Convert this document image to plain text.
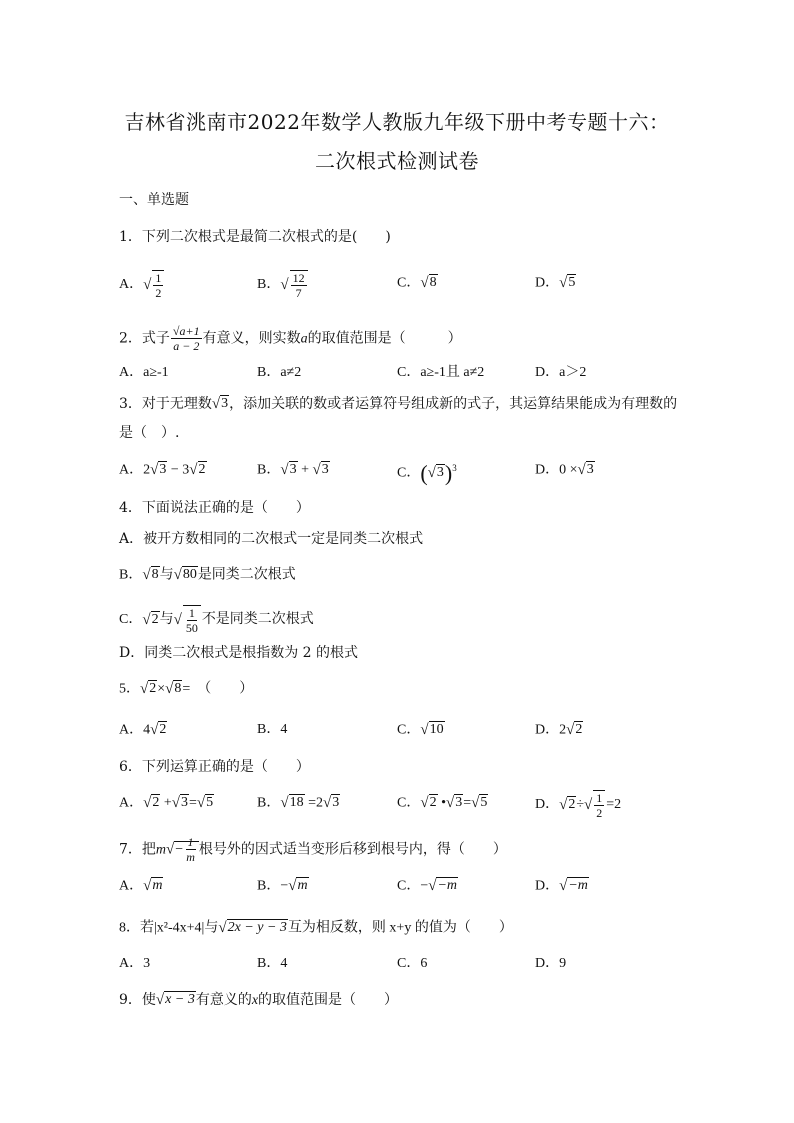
吉林省洮南市2022年数学人教版九年级下册中考专题十六：
二次根式检测试卷
一、单选题
1．下列二次根式是最简二次根式的是(　　)
A．√ $\frac{1}{2}$	B．√ $\frac{12}{7}$	C．√8	D．√5
2．式子 $\frac{√a+1}{a - 2}$ 有意义，则实数a的取值范围是（　　　）
A．a≥-1	B．a≠2	C．a≥-1且 a≠2	D．a＞2
3．对于无理数√3，添加关联的数或者运算符号组成新的式子，其运算结果能成为有理数的
是（　）.
A．2√3 − 3√2	B．√3 + √3	C．$(√3)^3$	D．0 ×√3
4．下面说法正确的是（　　）
A．被开方数相同的二次根式一定是同类二次根式
B．√8与√80是同类二次根式
C．√2与√ $\frac{1}{50}$ 不是同类二次根式
D．同类二次根式是根指数为 2 的根式
5．√2×√8=　（　　）
A．4√2	B．4	C．√10	D．2√2
6．下列运算正确的是（　　）
A．√2 +√3=√5	B．√18 =2√3	C．√2 •√3=√5	D．$√2\div√ \frac{1}{2} =2$
7．把$m√- \frac{1}{m}$ 根号外的因式适当变形后移到根号内，得（　　）
A．√m	B．−√m	C．−√−m	D．√−m
8．若|x²-4x+4|与√2x − y − 3互为相反数，则 x+y 的值为（　　）
A．3	B．4	C．6	D．9
9．使√x − 3有意义的x的取值范围是（　　）
